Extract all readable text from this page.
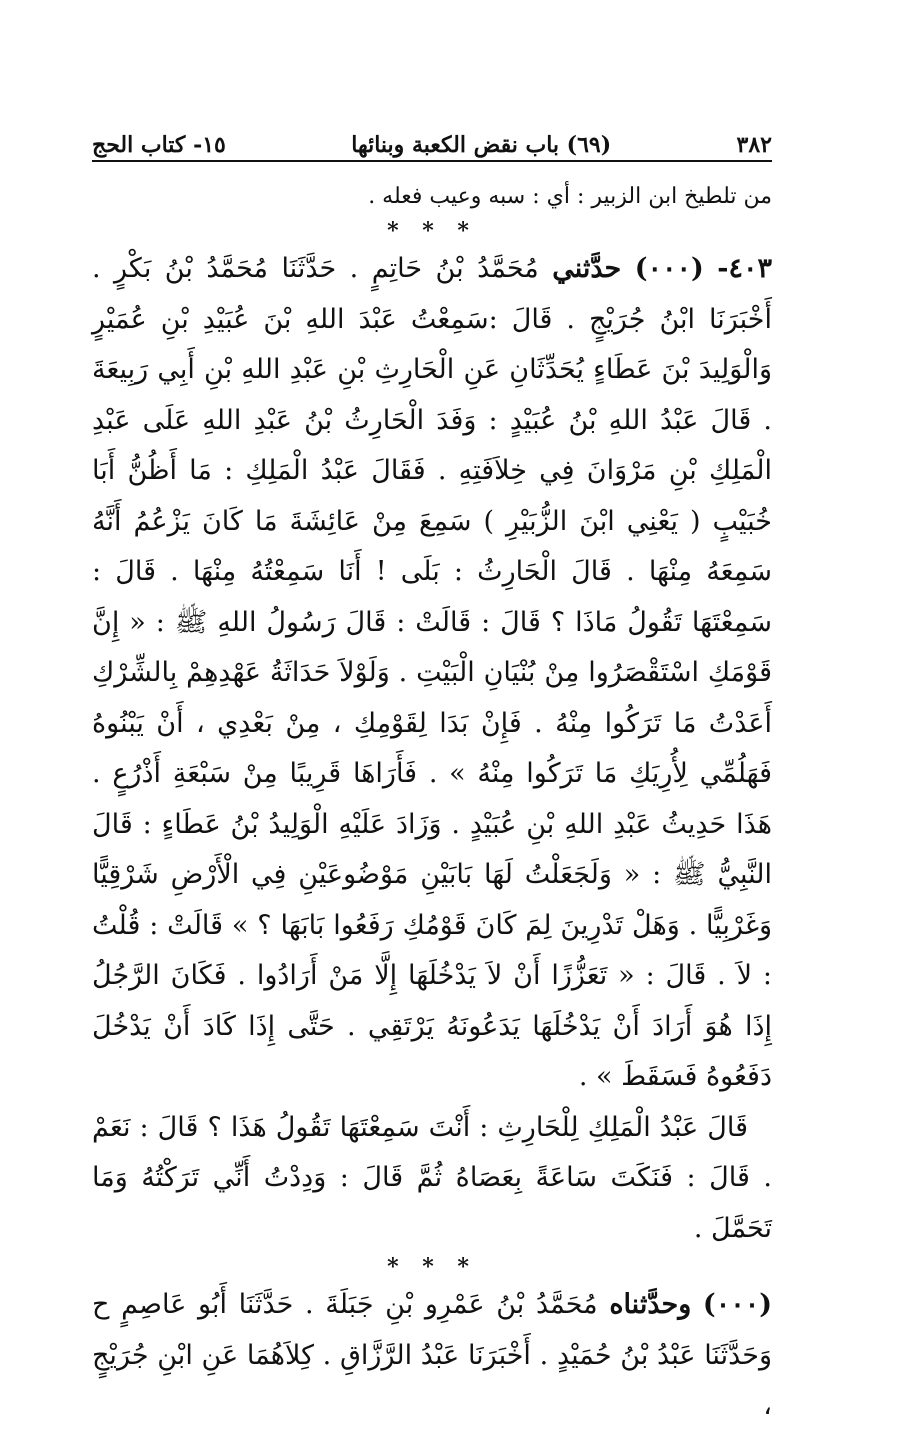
٣٨٢
(٦٩) باب نقض الكعبة وبنائها
١٥- كتاب الحج

من تلطيخ ابن الزبير : أي : سبه وعيب فعله .

* * *

٤٠٣- (٠٠٠) حدَّثني مُحَمَّدُ بْنُ حَاتِمٍ . حَدَّثَنَا مُحَمَّدُ بْنُ بَكْرٍ . أَخْبَرَنَا ابْنُ جُرَيْجٍ . قَالَ :سَمِعْتُ عَبْدَ اللهِ بْنَ عُبَيْدِ بْنِ عُمَيْرٍ وَالْوَلِيدَ بْنَ عَطَاءٍ يُحَدِّثَانِ عَنِ الْحَارِثِ بْنِ عَبْدِ اللهِ بْنِ أَبِي رَبِيعَةَ . قَالَ عَبْدُ اللهِ بْنُ عُبَيْدٍ : وَفَدَ الْحَارِثُ بْنُ عَبْدِ اللهِ عَلَى عَبْدِ الْمَلِكِ بْنِ مَرْوَانَ فِي خِلاَفَتِهِ . فَقَالَ عَبْدُ الْمَلِكِ : مَا أَظُنُّ أَبَا خُبَيْبٍ ( يَعْنِي ابْنَ الزُّبَيْرِ ) سَمِعَ مِنْ عَائِشَةَ مَا كَانَ يَزْعُمُ أَنَّهُ سَمِعَهُ مِنْهَا . قَالَ الْحَارِثُ : بَلَى ! أَنَا سَمِعْتُهُ مِنْهَا . قَالَ : سَمِعْتَهَا تَقُولُ مَاذَا ؟ قَالَ : قَالَتْ : قَالَ رَسُولُ اللهِ ﷺ : « إِنَّ قَوْمَكِ اسْتَقْصَرُوا مِنْ بُنْيَانِ الْبَيْتِ . وَلَوْلاَ حَدَاثَةُ عَهْدِهِمْ بِالشِّرْكِ أَعَدْتُ مَا تَرَكُوا مِنْهُ . فَإِنْ بَدَا لِقَوْمِكِ ، مِنْ بَعْدِي ، أَنْ يَبْنُوهُ فَهَلُمِّي لِأُرِيَكِ مَا تَرَكُوا مِنْهُ » . فَأَرَاهَا قَرِيبًا مِنْ سَبْعَةِ أَذْرُعٍ . هَذَا حَدِيثُ عَبْدِ اللهِ بْنِ عُبَيْدٍ . وَزَادَ عَلَيْهِ الْوَلِيدُ بْنُ عَطَاءٍ : قَالَ النَّبِيُّ ﷺ : « وَلَجَعَلْتُ لَهَا بَابَيْنِ مَوْضُوعَيْنِ فِي الْأَرْضِ شَرْقِيًّا وَغَرْبِيًّا . وَهَلْ تَدْرِينَ لِمَ كَانَ قَوْمُكِ رَفَعُوا بَابَهَا ؟ » قَالَتْ : قُلْتُ : لاَ . قَالَ : « تَعَزُّزًا أَنْ لاَ يَدْخُلَهَا إِلَّا مَنْ أَرَادُوا . فَكَانَ الرَّجُلُ إِذَا هُوَ أَرَادَ أَنْ يَدْخُلَهَا يَدَعُونَهُ يَرْتَقِي . حَتَّى إِذَا كَادَ أَنْ يَدْخُلَ دَفَعُوهُ فَسَقَطَ » .

قَالَ عَبْدُ الْمَلِكِ لِلْحَارِثِ : أَنْتَ سَمِعْتَهَا تَقُولُ هَذَا ؟ قَالَ : نَعَمْ . قَالَ : فَنَكَتَ سَاعَةً بِعَصَاهُ ثُمَّ قَالَ : وَدِدْتُ أَنِّي تَرَكْتُهُ وَمَا تَحَمَّلَ .

* * *

(٠٠٠) وحدَّثناه مُحَمَّدُ بْنُ عَمْرِو بْنِ جَبَلَةَ . حَدَّثَنَا أَبُو عَاصِمٍ ح وَحَدَّثَنَا عَبْدُ بْنُ حُمَيْدٍ . أَخْبَرَنَا عَبْدُ الرَّزَّاقِ . كِلاَهُمَا عَنِ ابْنِ جُرَيْجٍ ،
